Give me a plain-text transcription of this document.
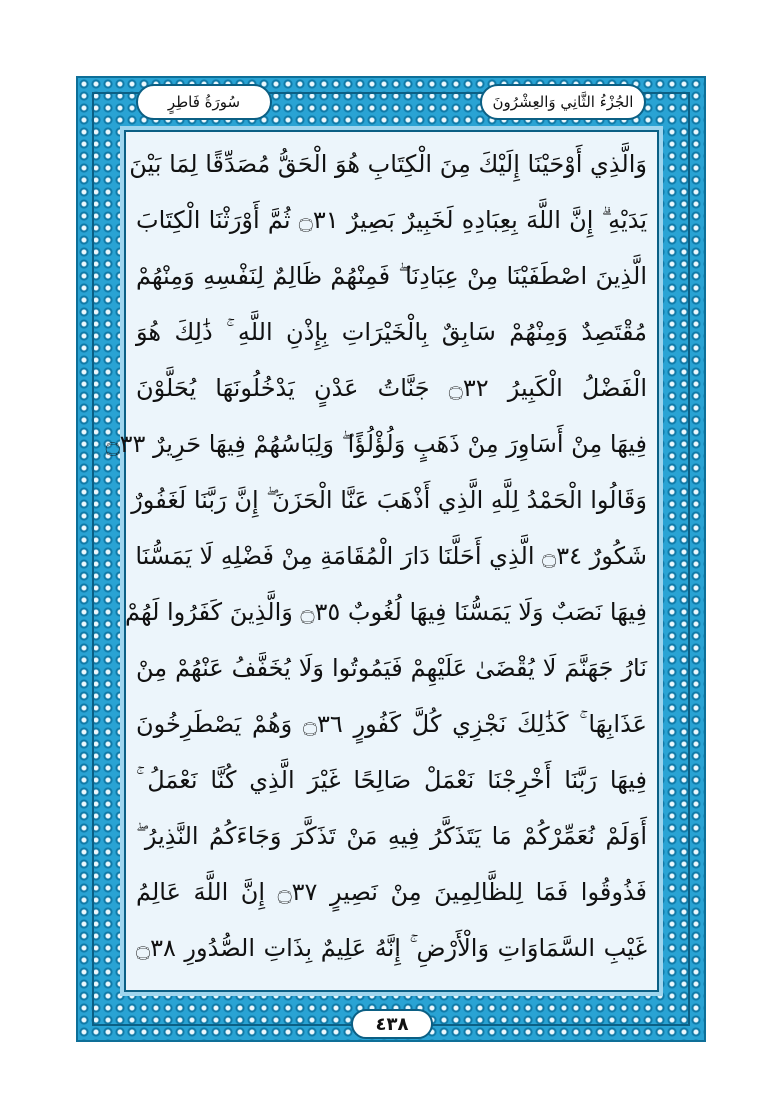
سُورَةُ فَاطِرٍ	الجُزْءُ الثَّانِي وَالعِشْرُونَ
وَالَّذِي أَوْحَيْنَا إِلَيْكَ مِنَ الْكِتَابِ هُوَ الْحَقُّ مُصَدِّقًا لِمَا بَيْنَ
يَدَيْهِ ۗ إِنَّ اللَّهَ بِعِبَادِهِ لَخَبِيرٌ بَصِيرٌ ۝٣١ ثُمَّ أَوْرَثْنَا الْكِتَابَ
الَّذِينَ اصْطَفَيْنَا مِنْ عِبَادِنَا ۖ فَمِنْهُمْ ظَالِمٌ لِنَفْسِهِ وَمِنْهُمْ
مُقْتَصِدٌ وَمِنْهُمْ سَابِقٌ بِالْخَيْرَاتِ بِإِذْنِ اللَّهِ ۚ ذَٰلِكَ هُوَ
الْفَضْلُ الْكَبِيرُ ۝٣٢ جَنَّاتُ عَدْنٍ يَدْخُلُونَهَا يُحَلَّوْنَ
فِيهَا مِنْ أَسَاوِرَ مِنْ ذَهَبٍ وَلُؤْلُؤًا ۖ وَلِبَاسُهُمْ فِيهَا حَرِيرٌ ۝٣٣
وَقَالُوا الْحَمْدُ لِلَّهِ الَّذِي أَذْهَبَ عَنَّا الْحَزَنَ ۖ إِنَّ رَبَّنَا لَغَفُورٌ
شَكُورٌ ۝٣٤ الَّذِي أَحَلَّنَا دَارَ الْمُقَامَةِ مِنْ فَضْلِهِ لَا يَمَسُّنَا
فِيهَا نَصَبٌ وَلَا يَمَسُّنَا فِيهَا لُغُوبٌ ۝٣٥ وَالَّذِينَ كَفَرُوا لَهُمْ
نَارُ جَهَنَّمَ لَا يُقْضَىٰ عَلَيْهِمْ فَيَمُوتُوا وَلَا يُخَفَّفُ عَنْهُمْ مِنْ
عَذَابِهَا ۚ كَذَٰلِكَ نَجْزِي كُلَّ كَفُورٍ ۝٣٦ وَهُمْ يَصْطَرِخُونَ
فِيهَا رَبَّنَا أَخْرِجْنَا نَعْمَلْ صَالِحًا غَيْرَ الَّذِي كُنَّا نَعْمَلُ ۚ
أَوَلَمْ نُعَمِّرْكُمْ مَا يَتَذَكَّرُ فِيهِ مَنْ تَذَكَّرَ وَجَاءَكُمُ النَّذِيرُ ۖ
فَذُوقُوا فَمَا لِلظَّالِمِينَ مِنْ نَصِيرٍ ۝٣٧ إِنَّ اللَّهَ عَالِمُ
غَيْبِ السَّمَاوَاتِ وَالْأَرْضِ ۚ إِنَّهُ عَلِيمٌ بِذَاتِ الصُّدُورِ ۝٣٨
٤٣٨
